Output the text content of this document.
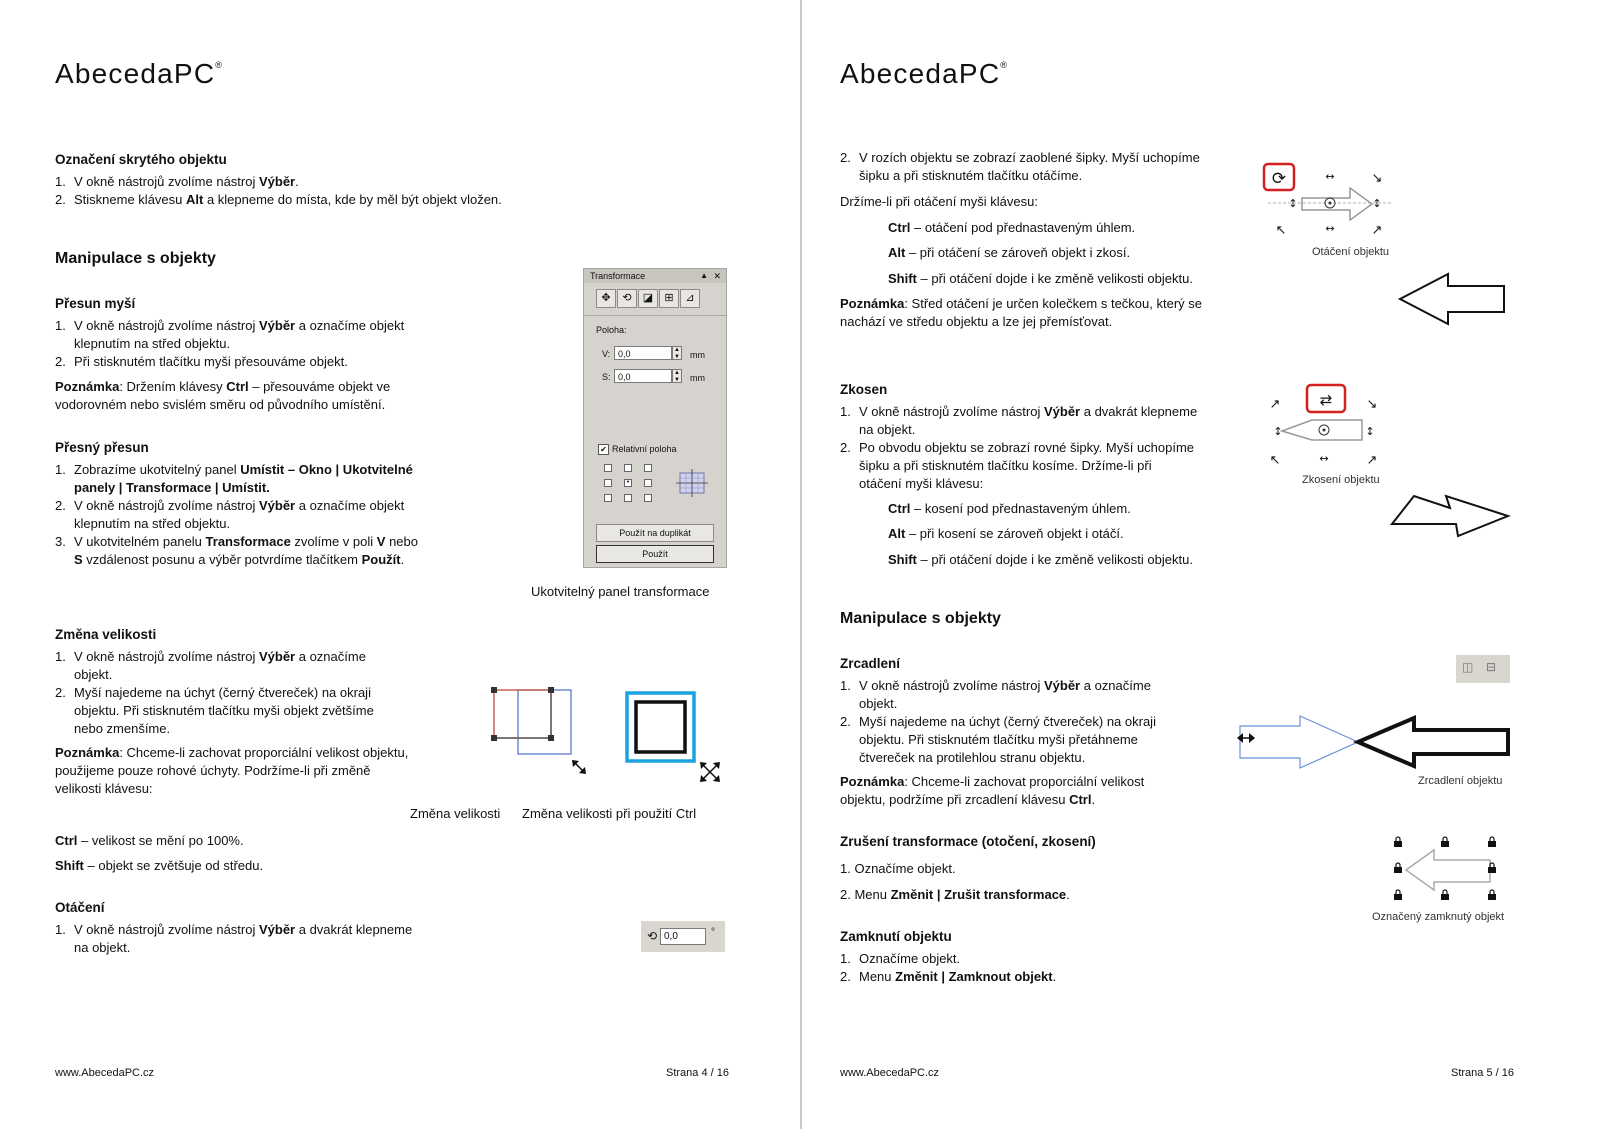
AbecedaPC®
Označení skrytého objektu
1. V okně nástrojů zvolíme nástroj Výběr.
2. Stiskneme klávesu Alt a klepneme do místa, kde by měl být objekt vložen.
Manipulace s objekty
Přesun myší
1. V okně nástrojů zvolíme nástroj Výběr a označíme objekt
klepnutím na střed objektu.
2. Při stisknutém tlačítku myši přesouváme objekt.
Poznámka: Držením klávesy Ctrl – přesouváme objekt ve
vodorovném nebo svislém směru od původního umístění.
Přesný přesun
1. Zobrazíme ukotvitelný panel Umístit – Okno | Ukotvitelné
panely | Transformace | Umístit.
2. V okně nástrojů zvolíme nástroj Výběr a označíme objekt
klepnutím na střed objektu.
3. V ukotvitelném panelu Transformace zvolíme v poli V nebo
S vzdálenost posunu a výběr potvrdíme tlačítkem Použít.
Transformace	▲ ✕
✥	⟲	◪	⊞	⊿
Poloha:
V: 0,0	▲
▼ mm
S: 0,0	▲
▼ mm
✔ Relativní poloha
•
Použít na duplikát
Použít
Ukotvitelný panel transformace
Změna velikosti
1. V okně nástrojů zvolíme nástroj Výběr a označíme
objekt.
2. Myší najedeme na úchyt (černý čtvereček) na okraji
objektu. Při stisknutém tlačítku myši objekt zvětšíme
nebo zmenšíme.
Poznámka: Chceme-li zachovat proporciální velikost objektu,
použijeme pouze rohové úchyty. Podržíme-li při změně
velikosti klávesu:
Změna velikosti Změna velikosti při použití Ctrl
Ctrl – velikost se mění po 100%.
Shift – objekt se zvětšuje od středu.
Otáčení
1. V okně nástrojů zvolíme nástroj Výběr a dvakrát klepneme
na objekt.
⟲ 0,0	°
www.AbecedaPC.cz	Strana 4 / 16
AbecedaPC®
2. V rozích objektu se zobrazí zaoblené šipky. Myší uchopíme
šipku a při stisknutém tlačítku otáčíme.
Držíme-li při otáčení myši klávesu:
Ctrl – otáčení pod přednastaveným úhlem.
Alt – při otáčení se zároveň objekt i zkosí.
Shift – při otáčení dojde i ke změně velikosti objektu.
Poznámka: Střed otáčení je určen kolečkem s tečkou, který se
nachází ve středu objektu a lze jej přemísťovat.
⟳	↔
↔
↕	↕
↘
↖	↗
Otáčení objektu
Zkosen
1. V okně nástrojů zvolíme nástroj Výběr a dvakrát klepneme
na objekt.
2. Po obvodu objektu se zobrazí rovné šipky. Myší uchopíme
šipku a při stisknutém tlačítku kosíme. Držíme-li při
otáčení myši klávesu:
Ctrl – kosení pod přednastaveným úhlem.
Alt – při kosení se zároveň objekt i otáčí.
Shift – při otáčení dojde i ke změně velikosti objektu.
⇄
↔
↕	↕
↗	↘
↖	↗
Zkosení objektu
Manipulace s objekty
Zrcadlení
1. V okně nástrojů zvolíme nástroj Výběr a označíme
objekt.
2. Myší najedeme na úchyt (černý čtvereček) na okraji
objektu. Při stisknutém tlačítku myši přetáhneme
čtvereček na protilehlou stranu objektu.
Poznámka: Chceme-li zachovat proporciální velikost
objektu, podržíme při zrcadlení klávesu Ctrl.
◫ ⊟
Zrcadlení objektu
Zrušení transformace (otočení, zkosení)
1. Označíme objekt.
2. Menu Změnit | Zrušit transformace.
Označený zamknutý objekt
Zamknutí objektu
1. Označíme objekt.
2. Menu Změnit | Zamknout objekt.
www.AbecedaPC.cz	Strana 5 / 16
